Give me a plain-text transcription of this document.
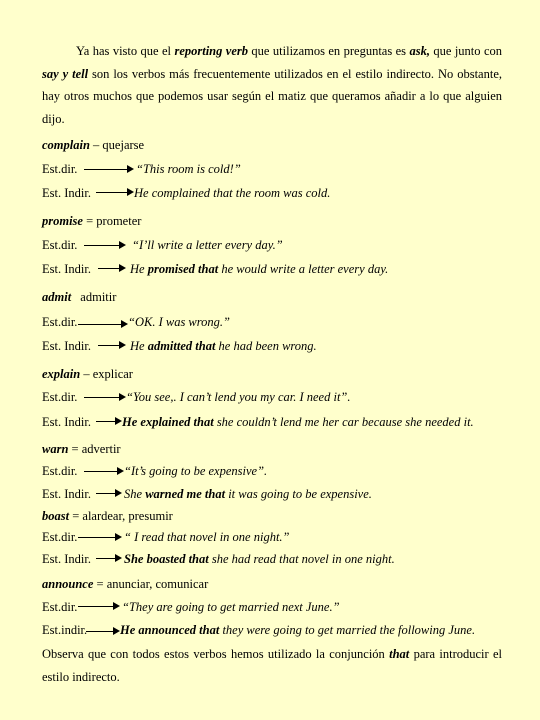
Ya has visto que el reporting verb que utilizamos en preguntas es ask, que junto con say y tell son los verbos más frecuentemente utilizados en el estilo indirecto. No obstante, hay otros muchos que podemos usar según el matiz que queramos añadir a lo que alguien dijo.
complain – quejarse
Est.dir.	“This room is cold!”
Est. Indir.	He complained that the room was cold.
promise = prometer
Est.dir.	“I’ll write a letter every day.”
Est. Indir.	He promised that he would write a letter every day.
admit admitir
Est.dir.	“OK. I was wrong.”
Est. Indir.	He admitted that he had been wrong.
explain – explicar
Est.dir.	“You see,. I can’t lend you my car. I need it”.
Est. Indir. He explained that she couldn’t lend me her car because she needed it.
warn = advertir
Est.dir.	“It’s going to be expensive”.
Est. Indir.	She warned me that it was going to be expensive.
boast = alardear, presumir
Est.dir.	“ I read that novel in one night.”
Est. Indir.	She boasted that she had read that novel in one night.
announce = anunciar, comunicar
Est.dir.	“They are going to get married next June.”
Est.indir.	He announced that they were going to get married the following June.
Observa que con todos estos verbos hemos utilizado la conjunción that para introducir el estilo indirecto.
